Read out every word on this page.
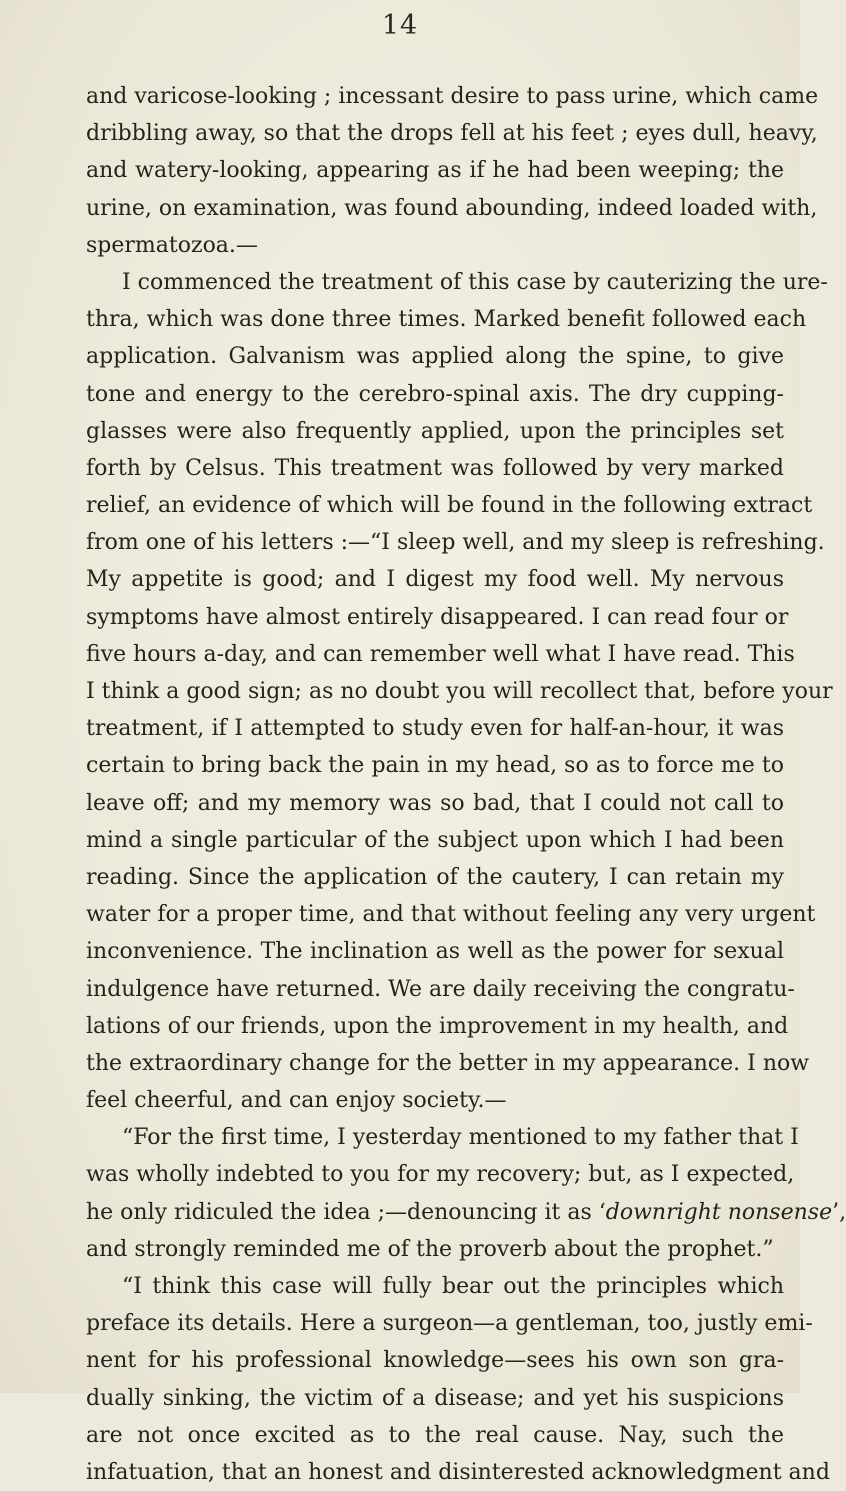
14
and varicose-looking ; incessant desire to pass urine, which came
dribbling away, so that the drops fell at his feet ; eyes dull, heavy,
and watery-looking, appearing as if he had been weeping; the
urine, on examination, was found abounding, indeed loaded with,
spermatozoa.—
I commenced the treatment of this case by cauterizing the ure-
thra, which was done three times. Marked benefit followed each
application. Galvanism was applied along the spine, to give
tone and energy to the cerebro-spinal axis. The dry cupping-
glasses were also frequently applied, upon the principles set
forth by Celsus. This treatment was followed by very marked
relief, an evidence of which will be found in the following extract
from one of his letters :—“I sleep well, and my sleep is refreshing.
My appetite is good; and I digest my food well. My nervous
symptoms have almost entirely disappeared. I can read four or
five hours a-day, and can remember well what I have read. This
I think a good sign; as no doubt you will recollect that, before your
treatment, if I attempted to study even for half-an-hour, it was
certain to bring back the pain in my head, so as to force me to
leave off; and my memory was so bad, that I could not call to
mind a single particular of the subject upon which I had been
reading. Since the application of the cautery, I can retain my
water for a proper time, and that without feeling any very urgent
inconvenience. The inclination as well as the power for sexual
indulgence have returned. We are daily receiving the congratu-
lations of our friends, upon the improvement in my health, and
the extraordinary change for the better in my appearance. I now
feel cheerful, and can enjoy society.—
“For the first time, I yesterday mentioned to my father that I
was wholly indebted to you for my recovery; but, as I expected,
he only ridiculed the idea ;—denouncing it as ‘downright nonsense’,
and strongly reminded me of the proverb about the prophet.”
“I think this case will fully bear out the principles which
preface its details. Here a surgeon—a gentleman, too, justly emi-
nent for his professional knowledge—sees his own son gra-
dually sinking, the victim of a disease; and yet his suspicions
are not once excited as to the real cause. Nay, such the
infatuation, that an honest and disinterested acknowledgment and
